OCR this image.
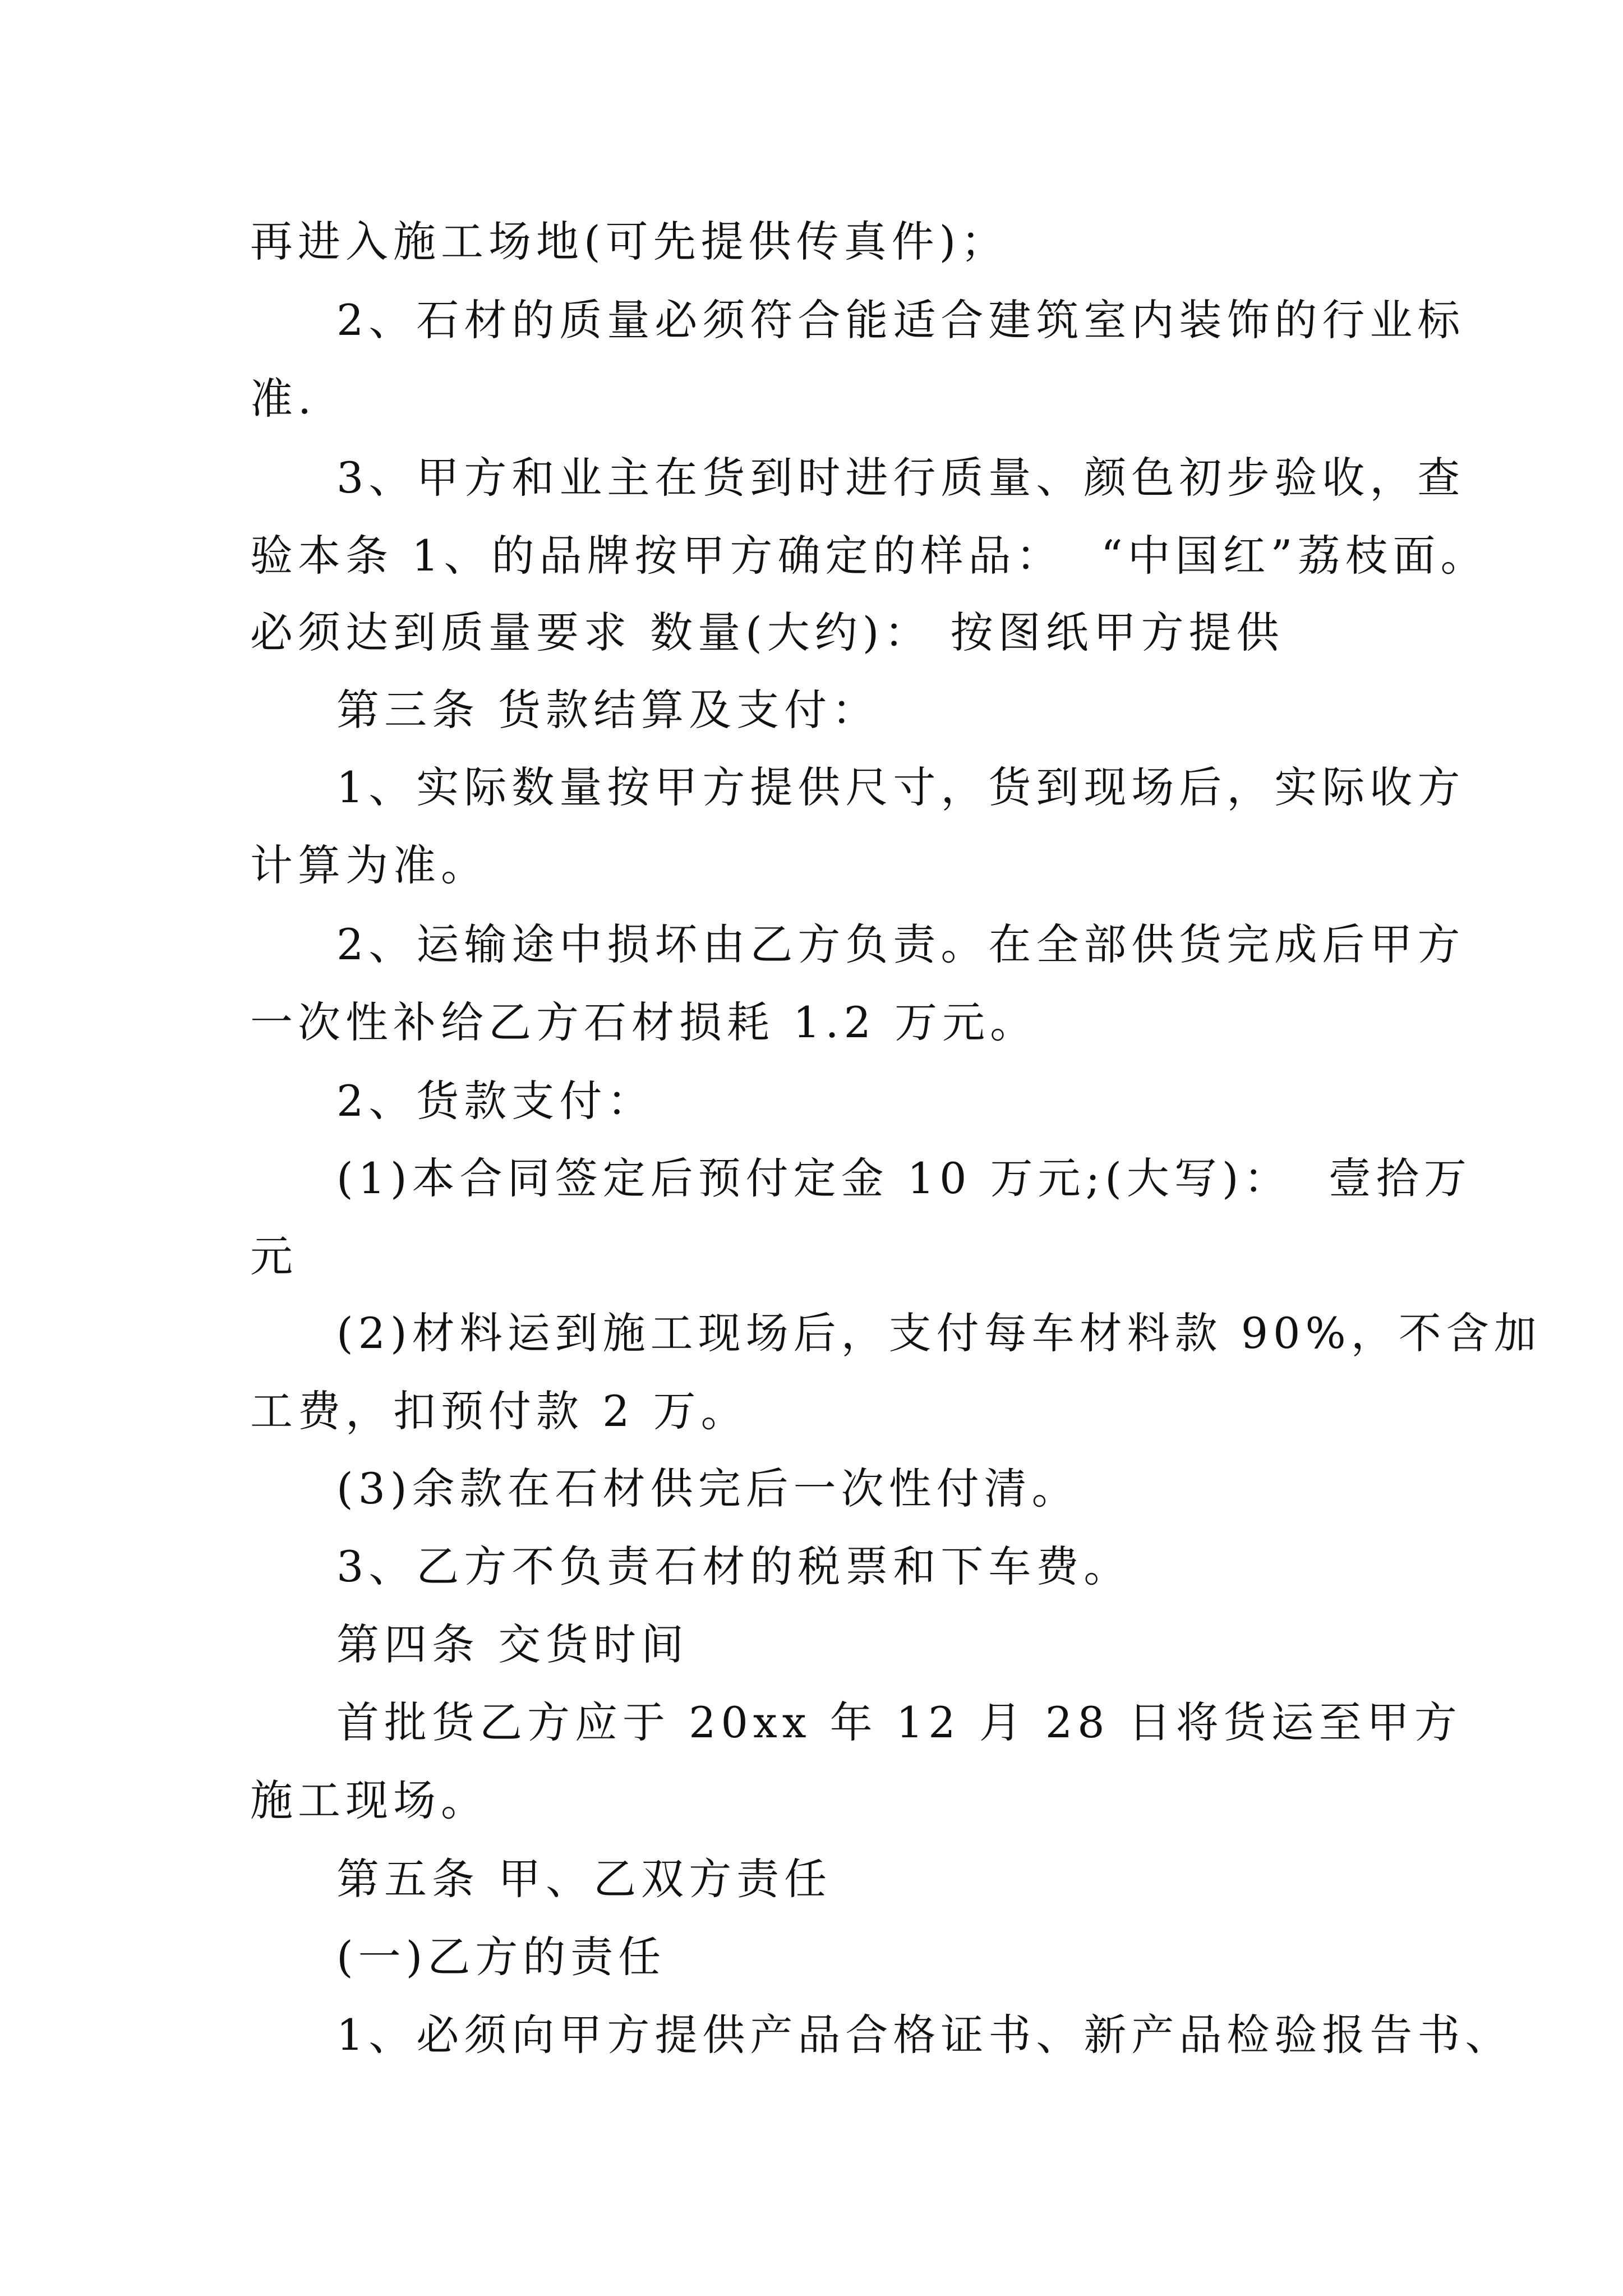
再进入施工场地(可先提供传真件)；
2、石材的质量必须符合能适合建筑室内装饰的行业标
准.
3、甲方和业主在货到时进行质量、颜色初步验收，查
验本条 1、的品牌按甲方确定的样品：  “中国红”荔枝面。
必须达到质量要求 数量(大约)： 按图纸甲方提供
第三条 货款结算及支付：
1、实际数量按甲方提供尺寸，货到现场后，实际收方
计算为准。
2、运输途中损坏由乙方负责。在全部供货完成后甲方
一次性补给乙方石材损耗 1.2 万元。
2、货款支付：
(1)本合同签定后预付定金 10 万元;(大写)：  壹拾万
元
(2)材料运到施工现场后，支付每车材料款 90%，不含加
工费，扣预付款 2 万。
(3)余款在石材供完后一次性付清。
3、乙方不负责石材的税票和下车费。
第四条 交货时间
首批货乙方应于 20xx 年 12 月 28 日将货运至甲方
施工现场。
第五条 甲、乙双方责任
(一)乙方的责任
1、必须向甲方提供产品合格证书、新产品检验报告书、
